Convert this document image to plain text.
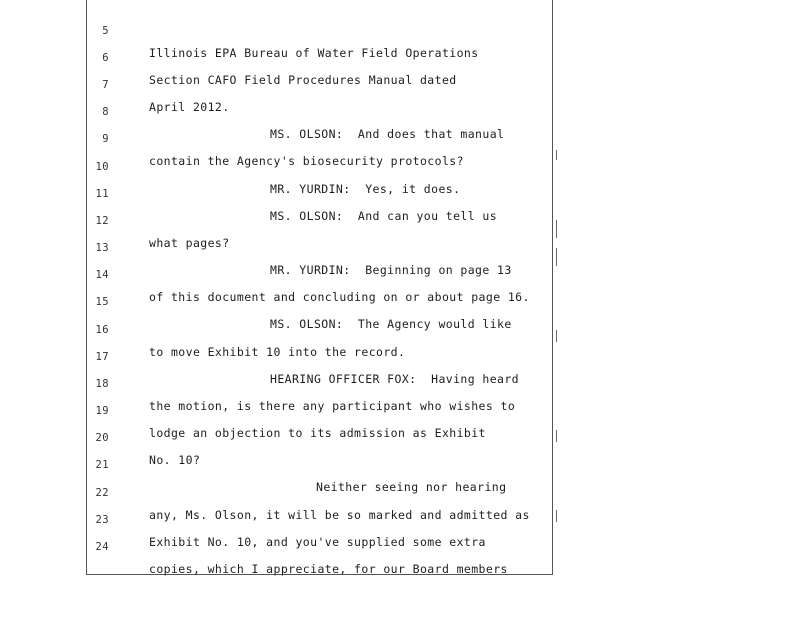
5

Illinois EPA Bureau of Water Field Operations

6

Section CAFO Field Procedures Manual dated

7

April 2012.

8

MS. OLSON:  And does that manual

9

contain the Agency's biosecurity protocols?

10

MR. YURDIN:  Yes, it does.

11

MS. OLSON:  And can you tell us

12

what pages?

13

MR. YURDIN:  Beginning on page 13

14

of this document and concluding on or about page 16.

15

MS. OLSON:  The Agency would like

16

to move Exhibit 10 into the record.

17

HEARING OFFICER FOX:  Having heard

18

the motion, is there any participant who wishes to

19

lodge an objection to its admission as Exhibit

20

No. 10?

21

Neither seeing nor hearing

22

any, Ms. Olson, it will be so marked and admitted as

23

Exhibit No. 10, and you've supplied some extra

24

copies, which I appreciate, for our Board members
